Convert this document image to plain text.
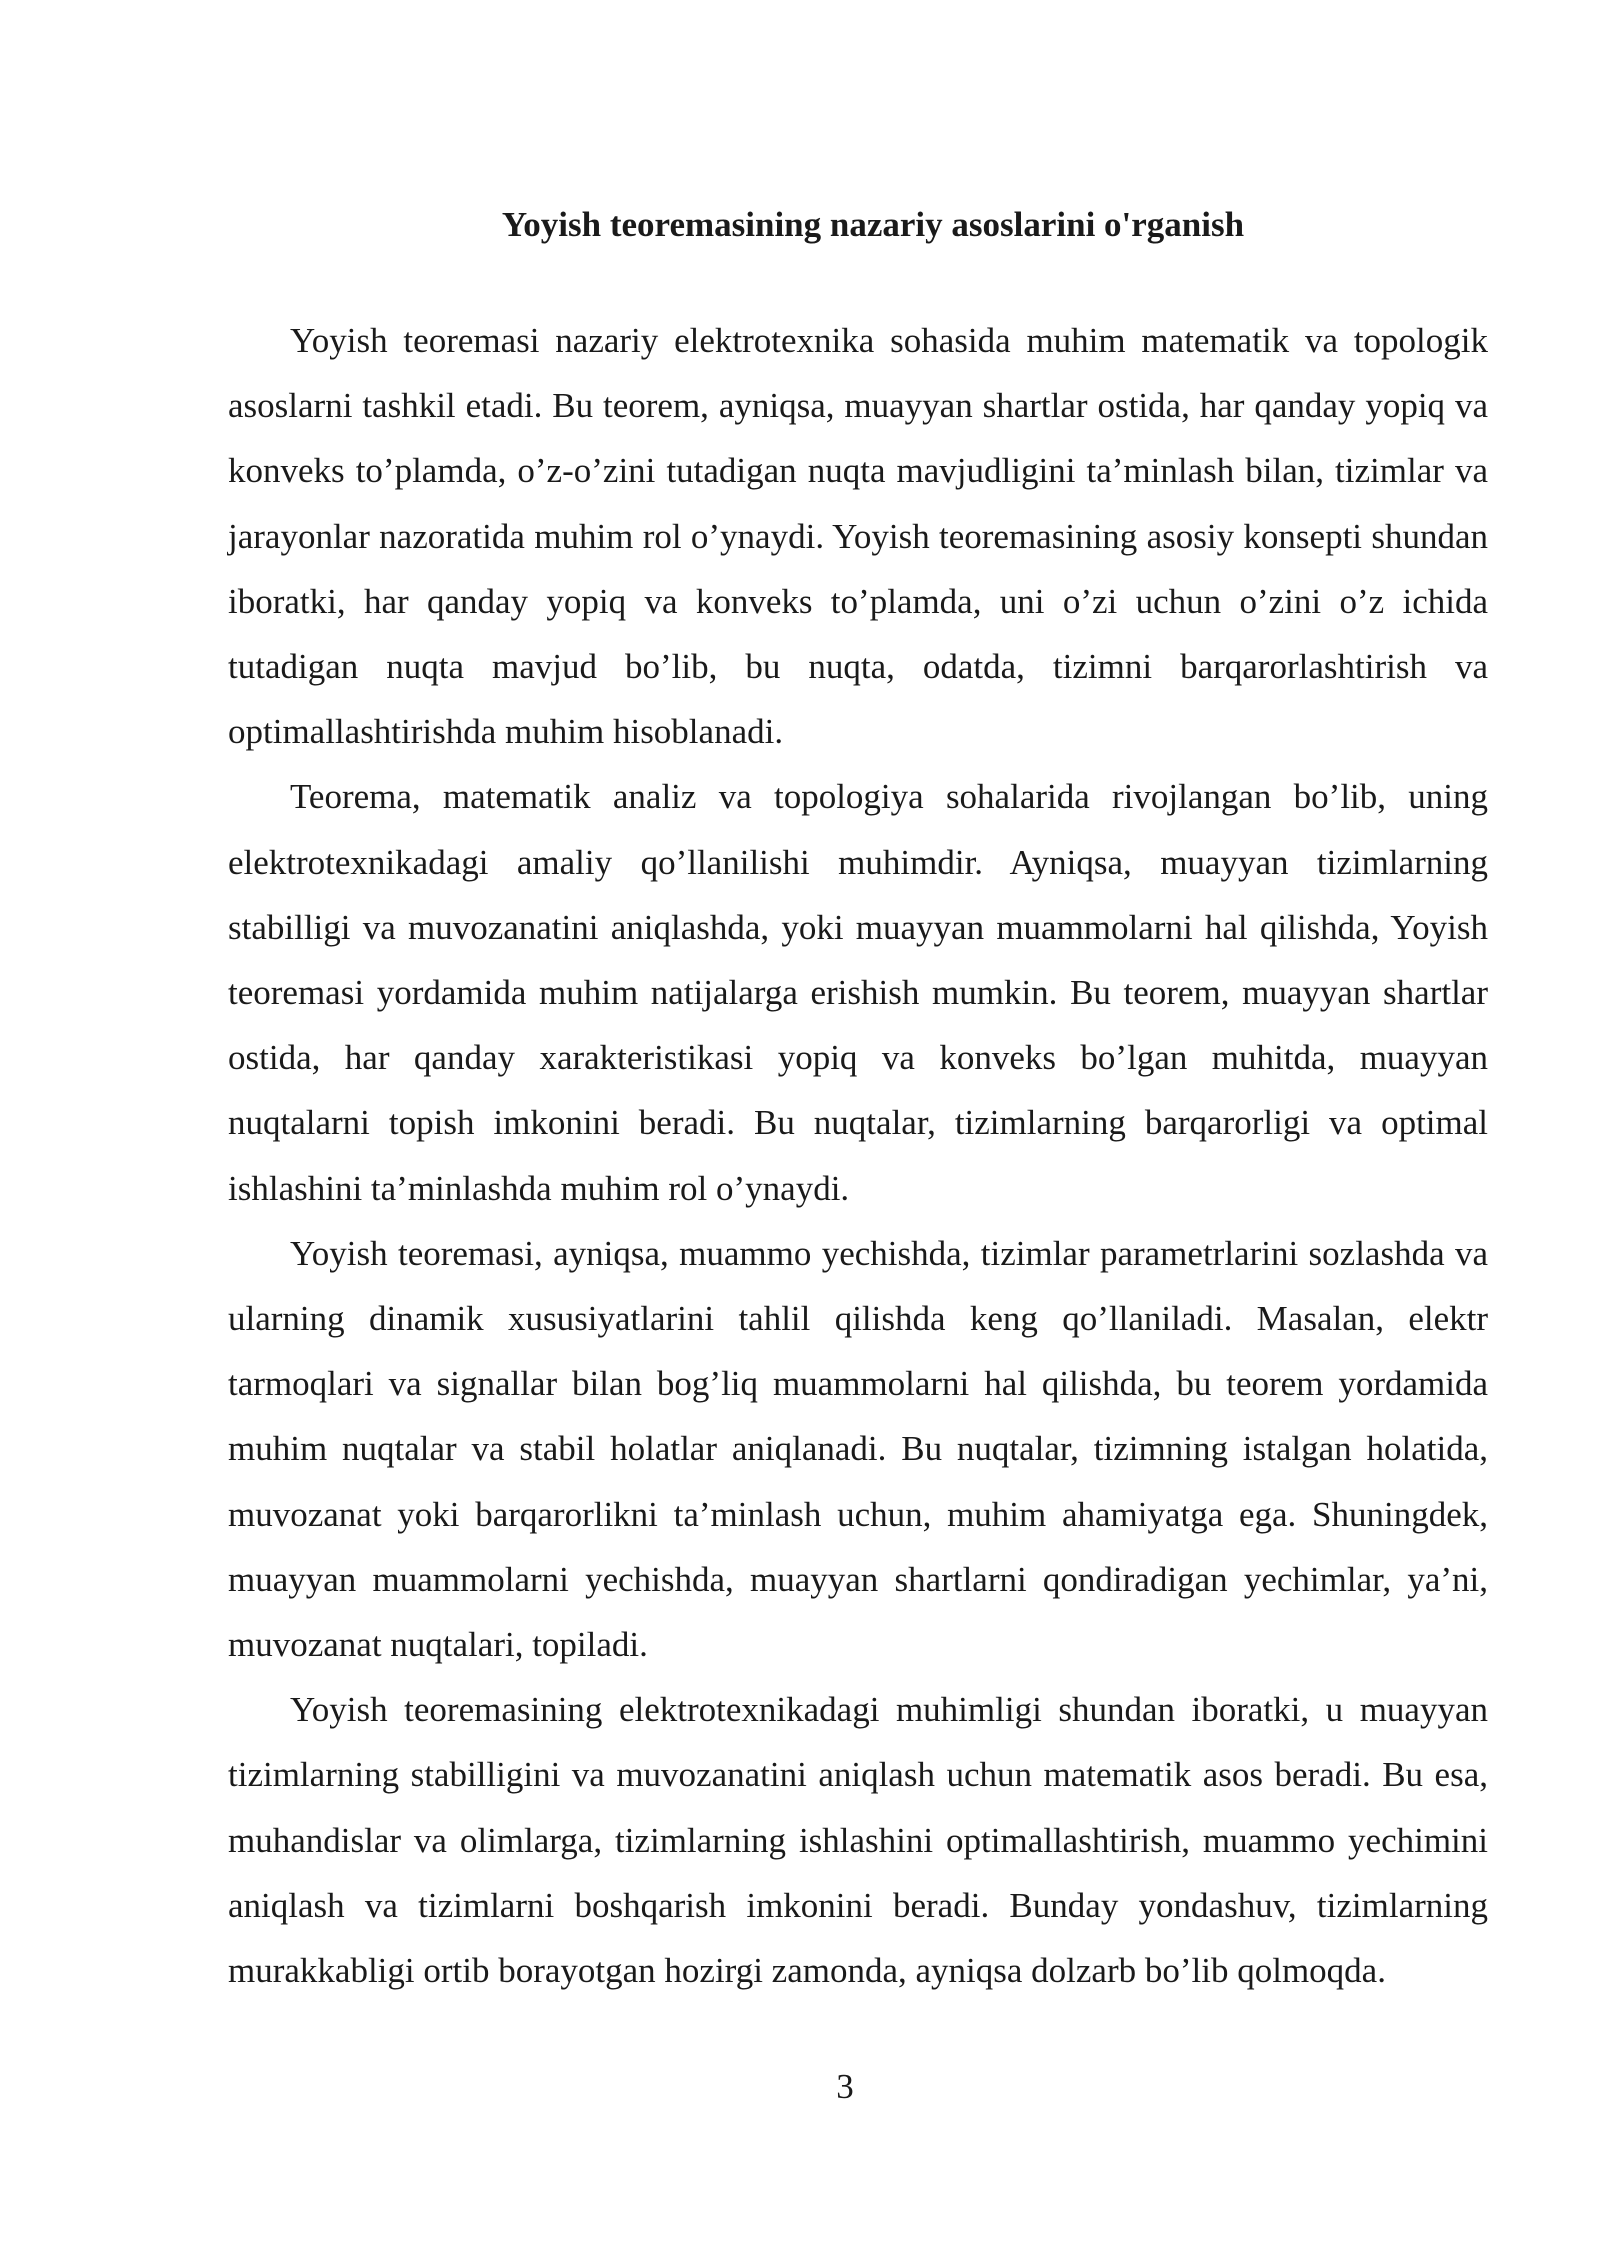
Yoyish teoremasining nazariy asoslarini o'rganish

Yoyish teoremasi nazariy elektrotexnika sohasida muhim matematik va topologik asoslarni tashkil etadi. Bu teorem, ayniqsa, muayyan shartlar ostida, har qanday yopiq va konveks to’plamda, o’z-o’zini tutadigan nuqta mavjudligini ta’minlash bilan, tizimlar va jarayonlar nazoratida muhim rol o’ynaydi. Yoyish teoremasining asosiy konsepti shundan iboratki, har qanday yopiq va konveks to’plamda, uni o’zi uchun o’zini o’z ichida tutadigan nuqta mavjud bo’lib, bu nuqta, odatda, tizimni barqarorlashtirish va optimallashtirishda muhim hisoblanadi.

Teorema, matematik analiz va topologiya sohalarida rivojlangan bo’lib, uning elektrotexnikadagi amaliy qo’llanilishi muhimdir. Ayniqsa, muayyan tizimlarning stabilligi va muvozanatini aniqlashda, yoki muayyan muammolarni hal qilishda, Yoyish teoremasi yordamida muhim natijalarga erishish mumkin. Bu teorem, muayyan shartlar ostida, har qanday xarakteristikasi yopiq va konveks bo’lgan muhitda, muayyan nuqtalarni topish imkonini beradi. Bu nuqtalar, tizimlarning barqarorligi va optimal ishlashini ta’minlashda muhim rol o’ynaydi.

Yoyish teoremasi, ayniqsa, muammo yechishda, tizimlar parametrlarini sozlashda va ularning dinamik xususiyatlarini tahlil qilishda keng qo’llaniladi. Masalan, elektr tarmoqlari va signallar bilan bog’liq muammolarni hal qilishda, bu teorem yordamida muhim nuqtalar va stabil holatlar aniqlanadi. Bu nuqtalar, tizimning istalgan holatida, muvozanat yoki barqarorlikni ta’minlash uchun, muhim ahamiyatga ega. Shuningdek, muayyan muammolarni yechishda, muayyan shartlarni qondiradigan yechimlar, ya’ni, muvozanat nuqtalari, topiladi.

Yoyish teoremasining elektrotexnikadagi muhimligi shundan iboratki, u muayyan tizimlarning stabilligini va muvozanatini aniqlash uchun matematik asos beradi. Bu esa, muhandislar va olimlarga, tizimlarning ishlashini optimallashtirish, muammo yechimini aniqlash va tizimlarni boshqarish imkonini beradi. Bunday yondashuv, tizimlarning murakkabligi ortib borayotgan hozirgi zamonda, ayniqsa dolzarb bo’lib qolmoqda.

3
